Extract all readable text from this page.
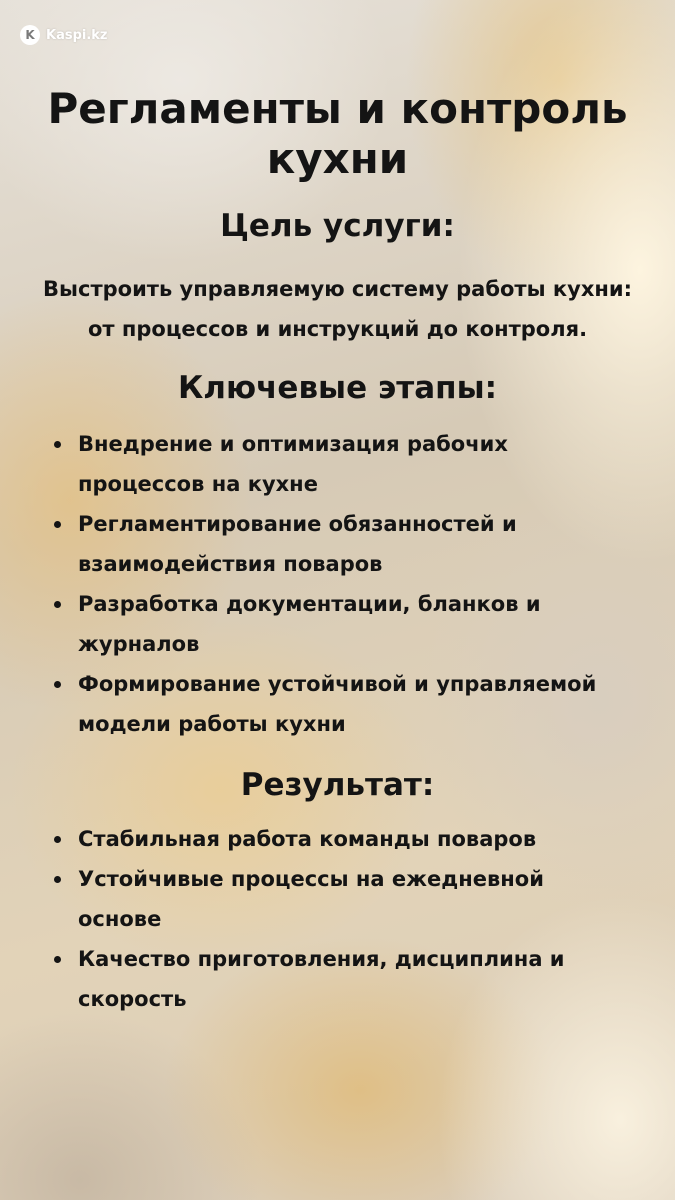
K Kaspi.kz
Регламенты и контроль кухни
Цель услуги:

Выстроить управляемую систему работы кухни: от процессов и инструкций до контроля.

Ключевые этапы:
Внедрение и оптимизация рабочих процессов на кухне
Регламентирование обязанностей и взаимодействия поваров
Разработка документации, бланков и журналов
Формирование устойчивой и управляемой модели работы кухни
Результат:
Стабильная работа команды поваров
Устойчивые процессы на ежедневной основе
Качество приготовления, дисциплина и скорость
